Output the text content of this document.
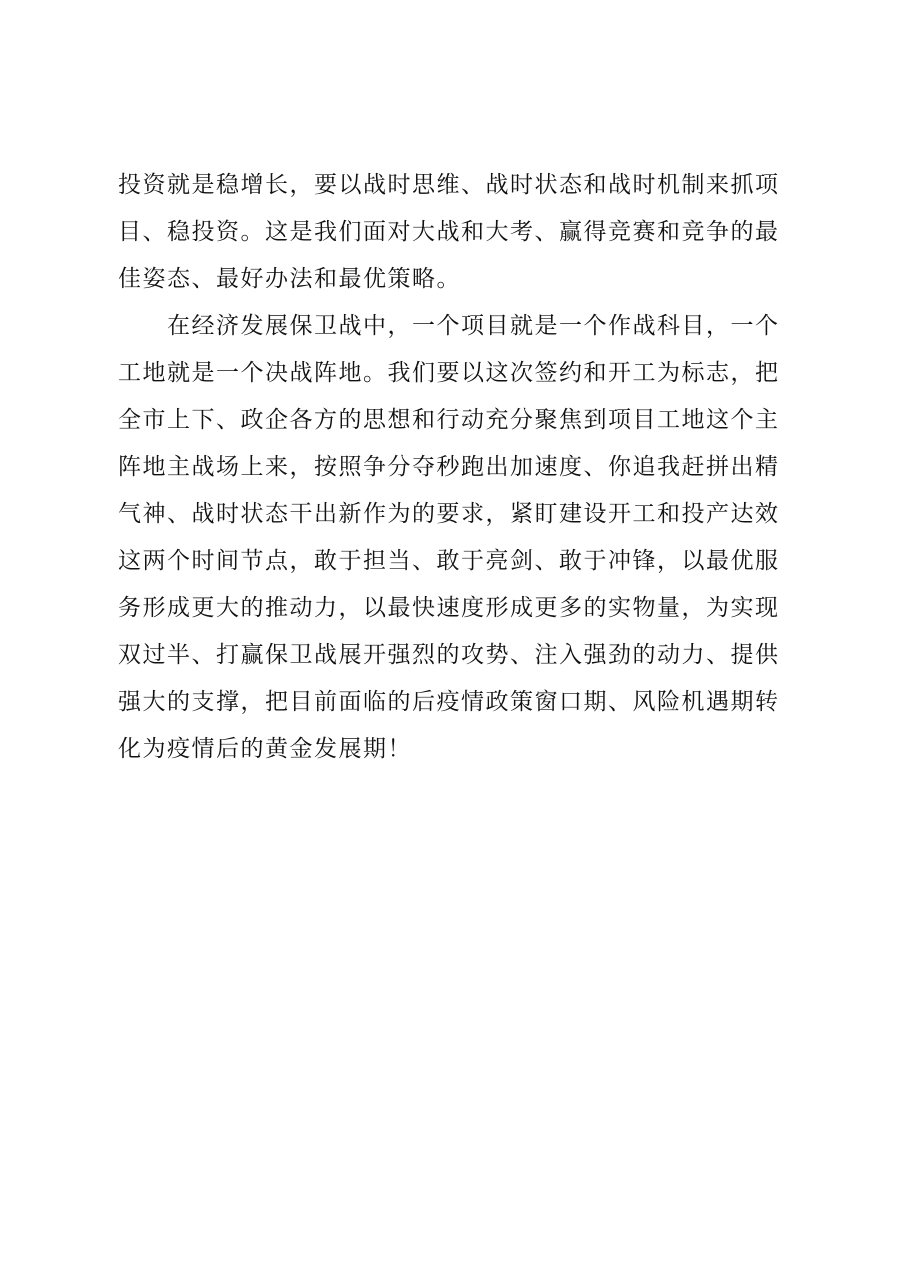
投资就是稳增长，要以战时思维、战时状态和战时机制来抓项

目、稳投资。这是我们面对大战和大考、赢得竞赛和竞争的最

佳姿态、最好办法和最优策略。

　　在经济发展保卫战中，一个项目就是一个作战科目，一个

工地就是一个决战阵地。我们要以这次签约和开工为标志，把

全市上下、政企各方的思想和行动充分聚焦到项目工地这个主

阵地主战场上来，按照争分夺秒跑出加速度、你追我赶拼出精

气神、战时状态干出新作为的要求，紧盯建设开工和投产达效

这两个时间节点，敢于担当、敢于亮剑、敢于冲锋，以最优服

务形成更大的推动力，以最快速度形成更多的实物量，为实现

双过半、打赢保卫战展开强烈的攻势、注入强劲的动力、提供

强大的支撑，把目前面临的后疫情政策窗口期、风险机遇期转

化为疫情后的黄金发展期！
